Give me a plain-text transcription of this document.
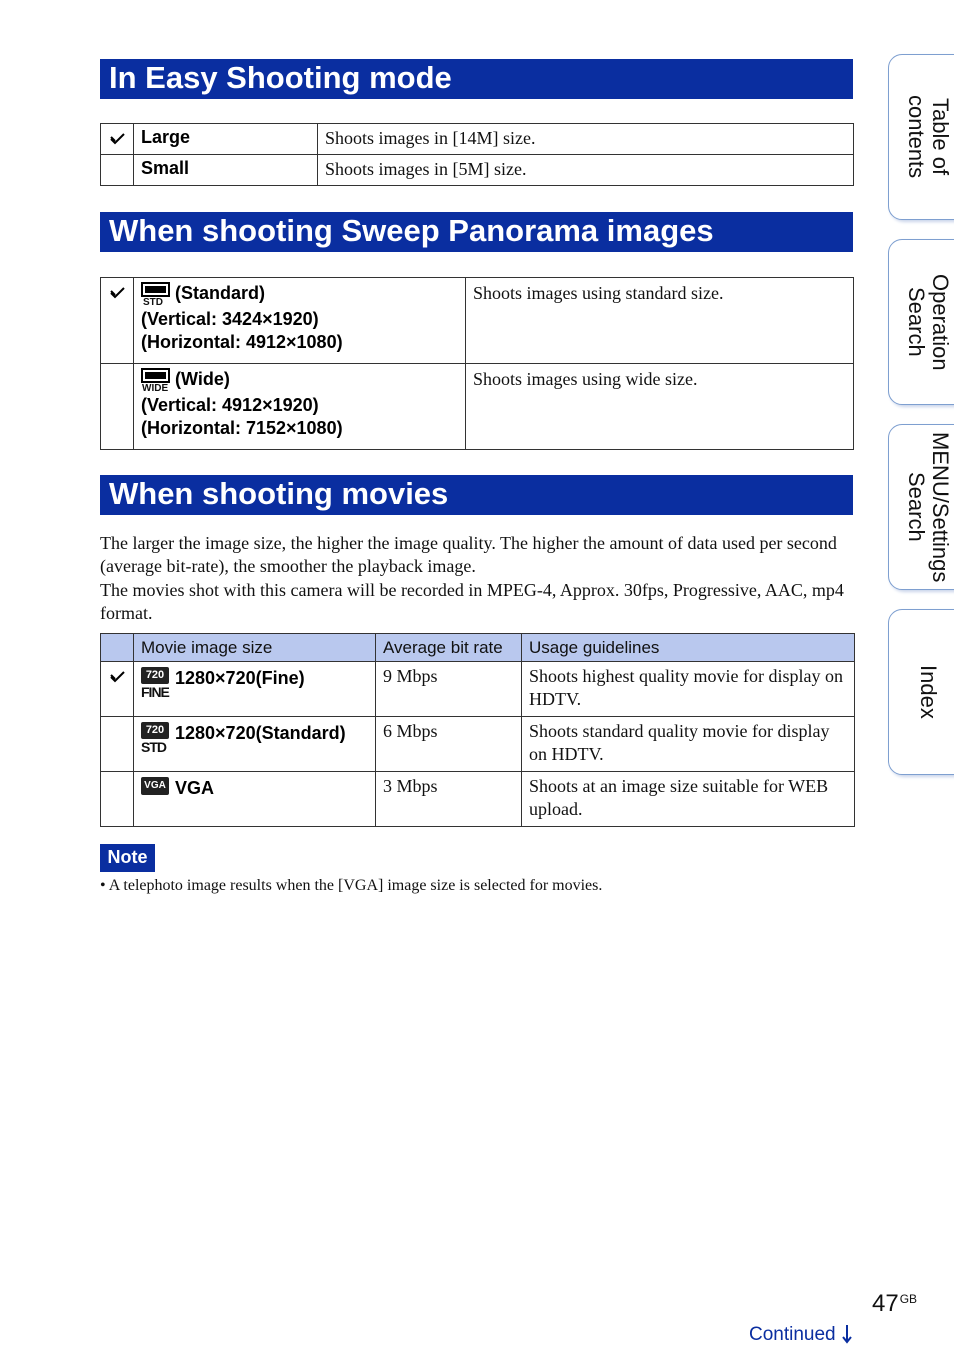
In Easy Shooting mode
	Large	Shoots images in [14M] size.
	Small	Shoots images in [5M] size.
When shooting Sweep Panorama images

STD (Standard)
(Vertical: 3424×1920)
(Horizontal: 4912×1080)	Shoots images using standard size.

	WIDE (Wide)
(Vertical: 4912×1920)
(Horizontal: 7152×1080)	Shoots images using wide size.
When shooting movies

The larger the image size, the higher the image quality. The higher the amount of data used per second (average bit-rate), the smoother the playback image.

The movies shot with this camera will be recorded in MPEG-4, Approx. 30fps, Progressive, AAC, mp4 format.

	Movie image size	Average bit rate	Usage guidelines

	720
FINE
1280×720(Fine)	9 Mbps	Shoots highest quality movie for display on HDTV.
	720
STD
1280×720(Standard)	6 Mbps	Shoots standard quality movie for display on HDTV.
	VGA VGA	3 Mbps	Shoots at an image size suitable for WEB upload.
Note
• A telephoto image results when the [VGA] image size is selected for movies.
Table of
contents
Operation
Search
MENU/Settings
Search
Index
$47^{GB}$
Continued
